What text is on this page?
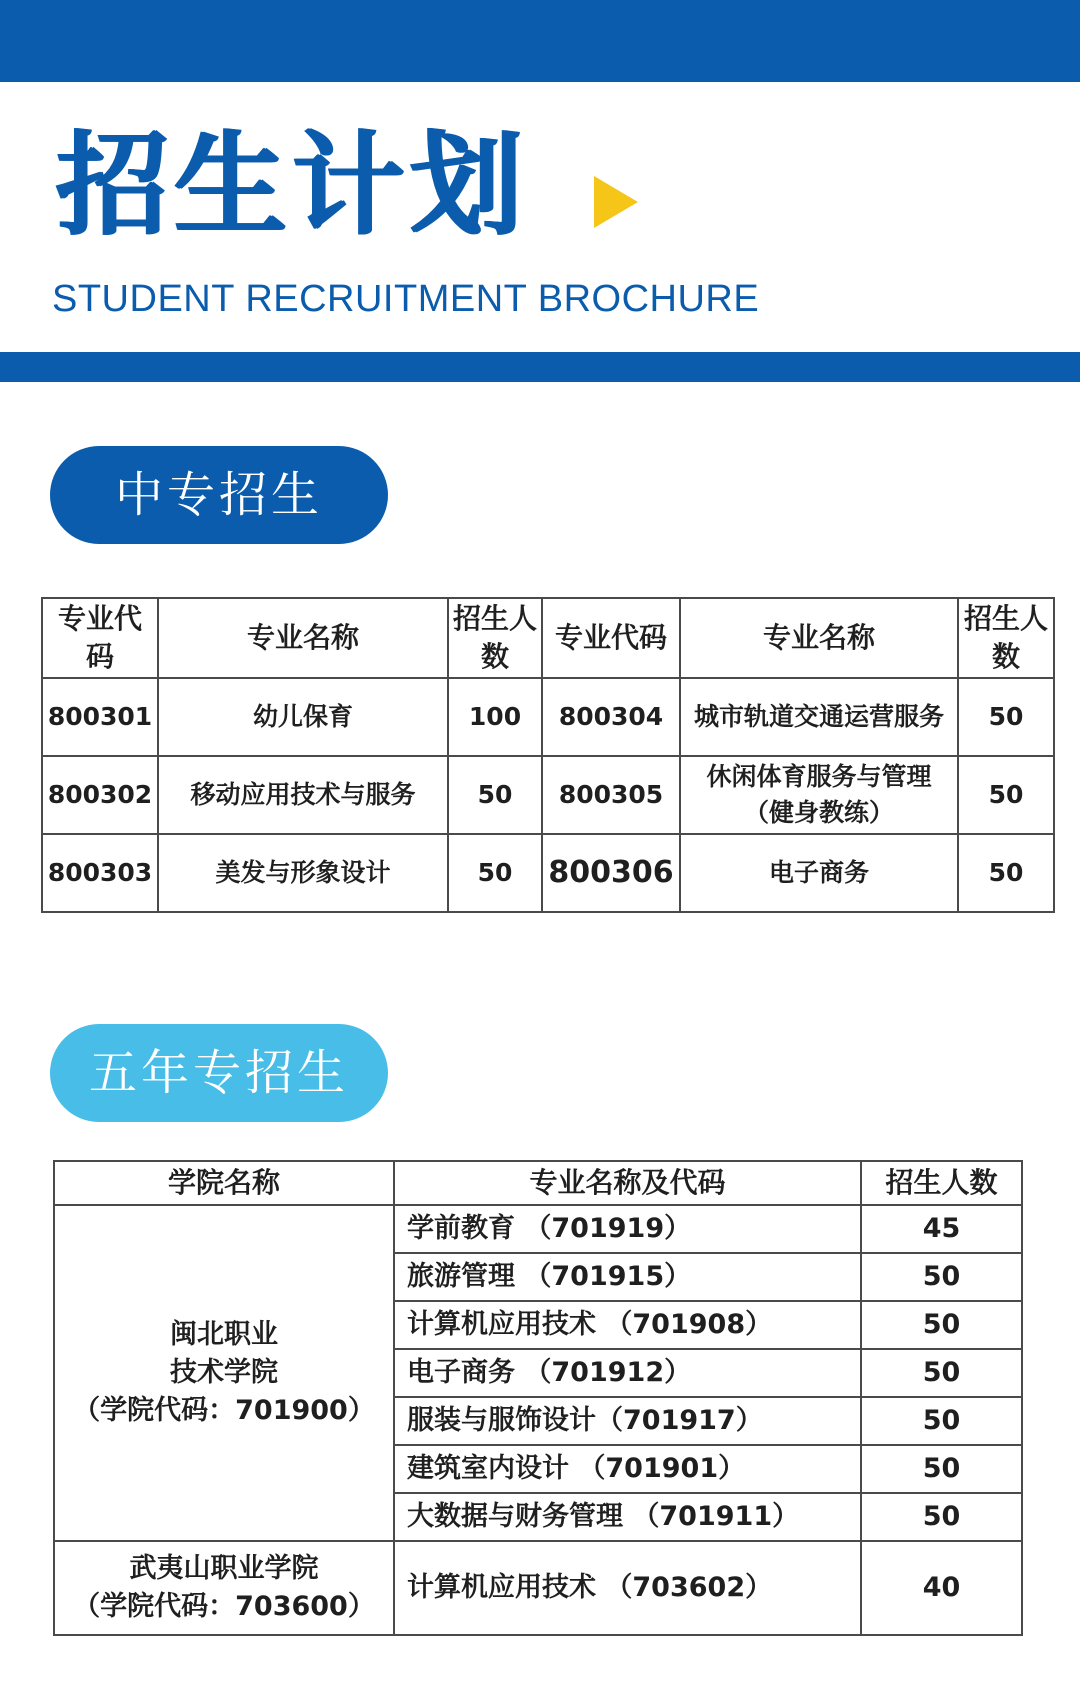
招生计划
STUDENT RECRUITMENT BROCHURE
中专招生
专业代码	专业名称	招生人数	专业代码	专业名称	招生人数
800301	幼儿保育	100	800304	城市轨道交通运营服务	50
800302	移动应用技术与服务	50	800305	休闲体育服务与管理（健身教练）	50
800303	美发与形象设计	50	800306	电子商务	50
五年专招生
学院名称	专业名称及代码	招生人数

闽北职业
技术学院
（学院代码：701900）	学前教育 （701919）	45
	旅游管理 （701915）	50
	计算机应用技术 （701908）	50
	电子商务 （701912）	50
	服装与服饰设计（701917）	50
	建筑室内设计 （701901）	50
	大数据与财务管理 （701911）	50

武夷山职业学院
（学院代码：703600）	计算机应用技术 （703602）	40
